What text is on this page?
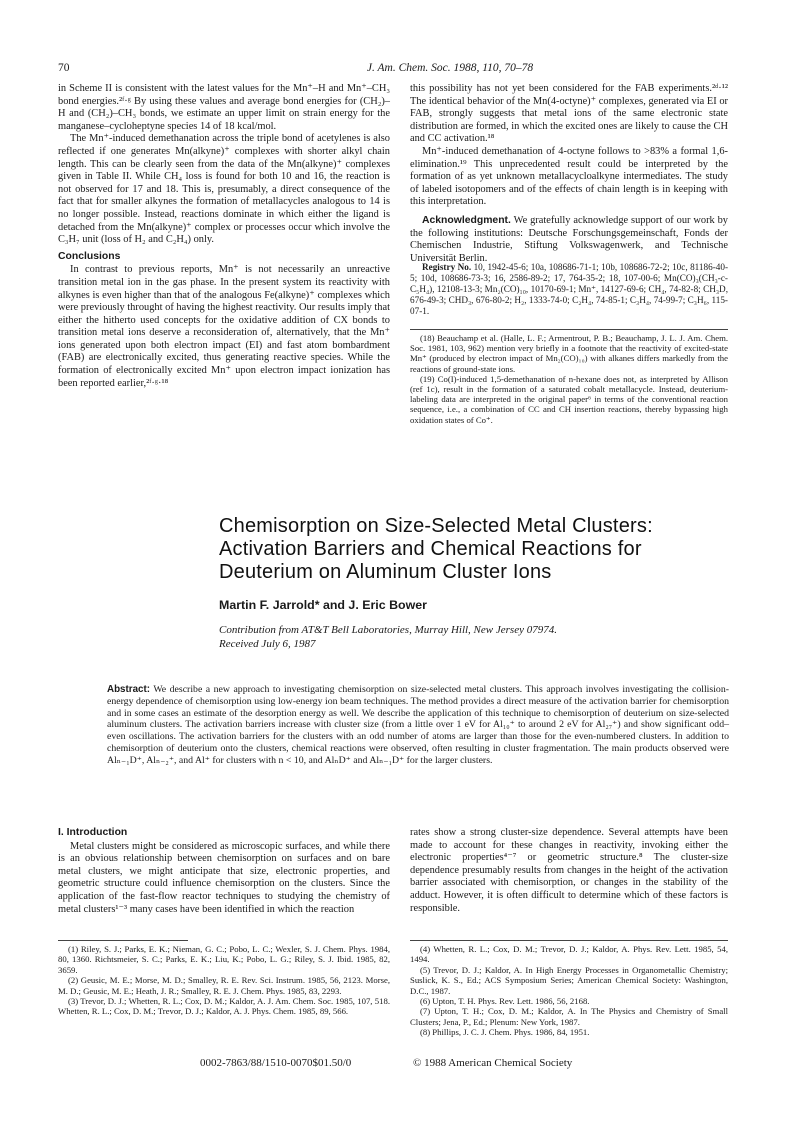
70	J. Am. Chem. Soc. 1988, 110, 70–78

in Scheme II is consistent with the latest values for the Mn⁺–H and Mn⁺–CH₃ bond energies.²ᶠ·ᵍ By using these values and average bond energies for (CH₂)–H and (CH₂)–CH₃ bonds, we estimate an upper limit on strain energy for the manganese–cycloheptyne species 14 of 18 kcal/mol.

The Mn⁺-induced demethanation across the triple bond of acetylenes is also reflected if one generates Mn(alkyne)⁺ complexes with shorter alkyl chain length. This can be clearly seen from the data of the Mn(alkyne)⁺ complexes given in Table II. While CH₄ loss is found for both 10 and 16, the reaction is not observed for 17 and 18. This is, presumably, a direct consequence of the fact that for smaller alkynes the formation of metallacycles analogous to 14 is no longer possible. Instead, reactions dominate in which either the ligand is detached from the Mn(alkyne)⁺ complex or processes occur which involve the C₃H₇ unit (loss of H₂ and C₂H₄) only.

Conclusions

In contrast to previous reports, Mn⁺ is not necessarily an unreactive transition metal ion in the gas phase. In the present system its reactivity with alkynes is even higher than that of the analogous Fe(alkyne)⁺ complexes which were previously throught of having the highest reactivity. Our results imply that either the hitherto used concepts for the oxidative addition of CX bonds to transition metal ions deserve a reconsideration of, alternatively, that the Mn⁺ ions generated upon both electron impact (EI) and fast atom bombardment (FAB) are electronically excited, thus generating reactive species. While the formation of electronically excited Mn⁺ upon electron impact ionization has been reported earlier,²ᶠ·ᵍ·¹⁸

this possibility has not yet been considered for the FAB experiments.²ᵈ·¹² The identical behavior of the Mn(4-octyne)⁺ complexes, generated via EI or FAB, strongly suggests that metal ions of the same electronic state distribution are formed, in which the excited ones are likely to cause the CH and CC activation.¹⁸

Mn⁺-induced demethanation of 4-octyne follows to >83% a formal 1,6-elimination.¹⁹ This unprecedented result could be interpreted by the formation of as yet unknown metallacycloalkyne intermediates. The study of labeled isotopomers and of the effects of chain length is in keeping with this interpretation.

Acknowledgment. We gratefully acknowledge support of our work by the following institutions: Deutsche Forschungsgemeinschaft, Fonds der Chemischen Industrie, Stiftung Volkswagenwerk, and Technische Universität Berlin.

Registry No. 10, 1942-45-6; 10a, 108686-71-1; 10b, 108686-72-2; 10c, 81186-40-5; 10d, 108686-73-3; 16, 2586-89-2; 17, 764-35-2; 18, 107-00-6; Mn(CO)₃(CH₃-c-C₅H₄), 12108-13-3; Mn₂(CO)₁₀, 10170-69-1; Mn⁺, 14127-69-6; CH₄, 74-82-8; CH₃D, 676-49-3; CHD₃, 676-80-2; H₂, 1333-74-0; C₂H₄, 74-85-1; C₃H₄, 74-99-7; C₃H₆, 115-07-1.

(18) Beauchamp et al. (Halle, L. F.; Armentrout, P. B.; Beauchamp, J. L. J. Am. Chem. Soc. 1981, 103, 962) mention very briefly in a footnote that the reactivity of excited-state Mn⁺ (produced by electron impact of Mn₂(CO)₁₀) with alkanes differs markedly from the reactions of ground-state ions.

(19) Co(I)-induced 1,5-demethanation of n-hexane does not, as interpreted by Allison (ref 1c), result in the formation of a saturated cobalt metallacycle. Instead, deuterium-labeling data are interpreted in the original paper⁶ in terms of the conventional reaction sequence, i.e., a combination of CC and CH insertion reactions, thereby bypassing high oxidation states of Co⁺.

Chemisorption on Size-Selected Metal Clusters: Activation Barriers and Chemical Reactions for Deuterium on Aluminum Cluster Ions
Martin F. Jarrold* and J. Eric Bower
Contribution from AT&T Bell Laboratories, Murray Hill, New Jersey 07974.
Received July 6, 1987
Abstract: We describe a new approach to investigating chemisorption on size-selected metal clusters. This approach involves investigating the collision-energy dependence of chemisorption using low-energy ion beam techniques. The method provides a direct measure of the activation barrier for chemisorption and in some cases an estimate of the desorption energy as well. We describe the application of this technique to chemisorption of deuterium on size-selected aluminum clusters. The activation barriers increase with cluster size (from a little over 1 eV for Al₁₀⁺ to around 2 eV for Al₂₇⁺) and show significant odd–even oscillations. The activation barriers for the clusters with an odd number of atoms are larger than those for the even-numbered clusters. In addition to chemisorption of deuterium onto the clusters, chemical reactions were observed, often resulting in cluster fragmentation. The main products observed were Alₙ₋₁D⁺, Alₙ₋₂⁺, and Al⁺ for clusters with n < 10, and AlₙD⁺ and Alₙ₋₁D⁺ for the larger clusters.
I. Introduction

Metal clusters might be considered as microscopic surfaces, and while there is an obvious relationship between chemisorption on surfaces and on bare metal clusters, we might anticipate that size, electronic properties, and geometric structure could influence chemisorption on the clusters. Since the application of the fast-flow reactor techniques to studying the chemistry of metal clusters¹⁻³ many cases have been identified in which the reaction

rates show a strong cluster-size dependence. Several attempts have been made to account for these changes in reactivity, invoking either the electronic properties⁴⁻⁷ or geometric structure.⁸ The cluster-size dependence presumably results from changes in the height of the activation barrier associated with chemisorption, or changes in the stability of the adduct. However, it is often difficult to determine which of these factors is responsible.

(1) Riley, S. J.; Parks, E. K.; Nieman, G. C.; Pobo, L. C.; Wexler, S. J. Chem. Phys. 1984, 80, 1360. Richtsmeier, S. C.; Parks, E. K.; Liu, K.; Pobo, L. G.; Riley, S. J. Ibid. 1985, 82, 3659.

(2) Geusic, M. E.; Morse, M. D.; Smalley, R. E. Rev. Sci. Instrum. 1985, 56, 2123. Morse, M. D.; Geusic, M. E.; Heath, J. R.; Smalley, R. E. J. Chem. Phys. 1985, 83, 2293.

(3) Trevor, D. J.; Whetten, R. L.; Cox, D. M.; Kaldor, A. J. Am. Chem. Soc. 1985, 107, 518. Whetten, R. L.; Cox, D. M.; Trevor, D. J.; Kaldor, A. J. Phys. Chem. 1985, 89, 566.

(4) Whetten, R. L.; Cox, D. M.; Trevor, D. J.; Kaldor, A. Phys. Rev. Lett. 1985, 54, 1494.

(5) Trevor, D. J.; Kaldor, A. In High Energy Processes in Organometallic Chemistry; Suslick, K. S., Ed.; ACS Symposium Series; American Chemical Society: Washington, D.C., 1987.

(6) Upton, T. H. Phys. Rev. Lett. 1986, 56, 2168.

(7) Upton, T. H.; Cox, D. M.; Kaldor, A. In The Physics and Chemistry of Small Clusters; Jena, P., Ed.; Plenum: New York, 1987.

(8) Phillips, J. C. J. Chem. Phys. 1986, 84, 1951.

0002-7863/88/1510-0070$01.50/0	© 1988 American Chemical Society
